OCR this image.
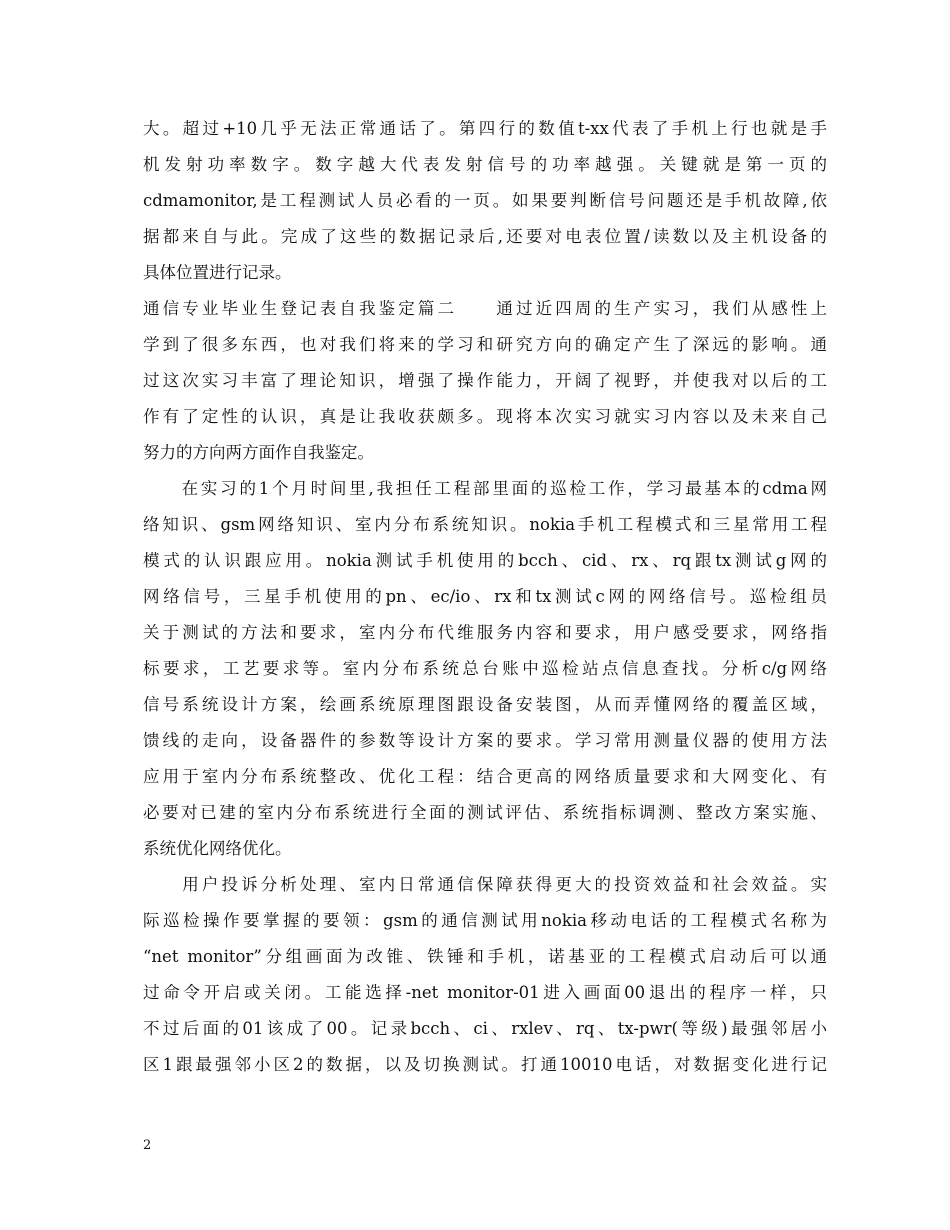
大。超过+10几乎无法正常通话了。第四行的数值t-xx代表了手机上行也就是手
机发射功率数字。数字越大代表发射信号的功率越强。关键就是第一页的
cdmamonitor,是工程测试人员必看的一页。如果要判断信号问题还是手机故障,依
据都来自与此。完成了这些的数据记录后,还要对电表位置/读数以及主机设备的
具体位置进行记录。
通信专业毕业生登记表自我鉴定篇二　　通过近四周的生产实习，我们从感性上
学到了很多东西，也对我们将来的学习和研究方向的确定产生了深远的影响。通
过这次实习丰富了理论知识，增强了操作能力，开阔了视野，并使我对以后的工
作有了定性的认识，真是让我收获颇多。现将本次实习就实习内容以及未来自己
努力的方向两方面作自我鉴定。
　　在实习的1个月时间里,我担任工程部里面的巡检工作，学习最基本的cdma网
络知识、gsm网络知识、室内分布系统知识。nokia手机工程模式和三星常用工程
模式的认识跟应用。nokia测试手机使用的bcch、cid、rx、rq跟tx测试g网的
网络信号，三星手机使用的pn、ec/io、rx和tx测试c网的网络信号。巡检组员
关于测试的方法和要求，室内分布代维服务内容和要求，用户感受要求，网络指
标要求，工艺要求等。室内分布系统总台账中巡检站点信息查找。分析c/g网络
信号系统设计方案，绘画系统原理图跟设备安装图，从而弄懂网络的覆盖区域，
馈线的走向，设备器件的参数等设计方案的要求。学习常用测量仪器的使用方法
应用于室内分布系统整改、优化工程：结合更高的网络质量要求和大网变化、有
必要对已建的室内分布系统进行全面的测试评估、系统指标调测、整改方案实施、
系统优化网络优化。
　　用户投诉分析处理、室内日常通信保障获得更大的投资效益和社会效益。实
际巡检操作要掌握的要领：gsm的通信测试用nokia移动电话的工程模式名称为
“net monitor”分组画面为改锥、铁锤和手机，诺基亚的工程模式启动后可以通
过命令开启或关闭。工能选择-net monitor-01进入画面00退出的程序一样，只
不过后面的01该成了00。记录bcch、ci、rxlev、rq、tx-pwr(等级)最强邻居小
区1跟最强邻小区2的数据，以及切换测试。打通10010电话，对数据变化进行记
2
